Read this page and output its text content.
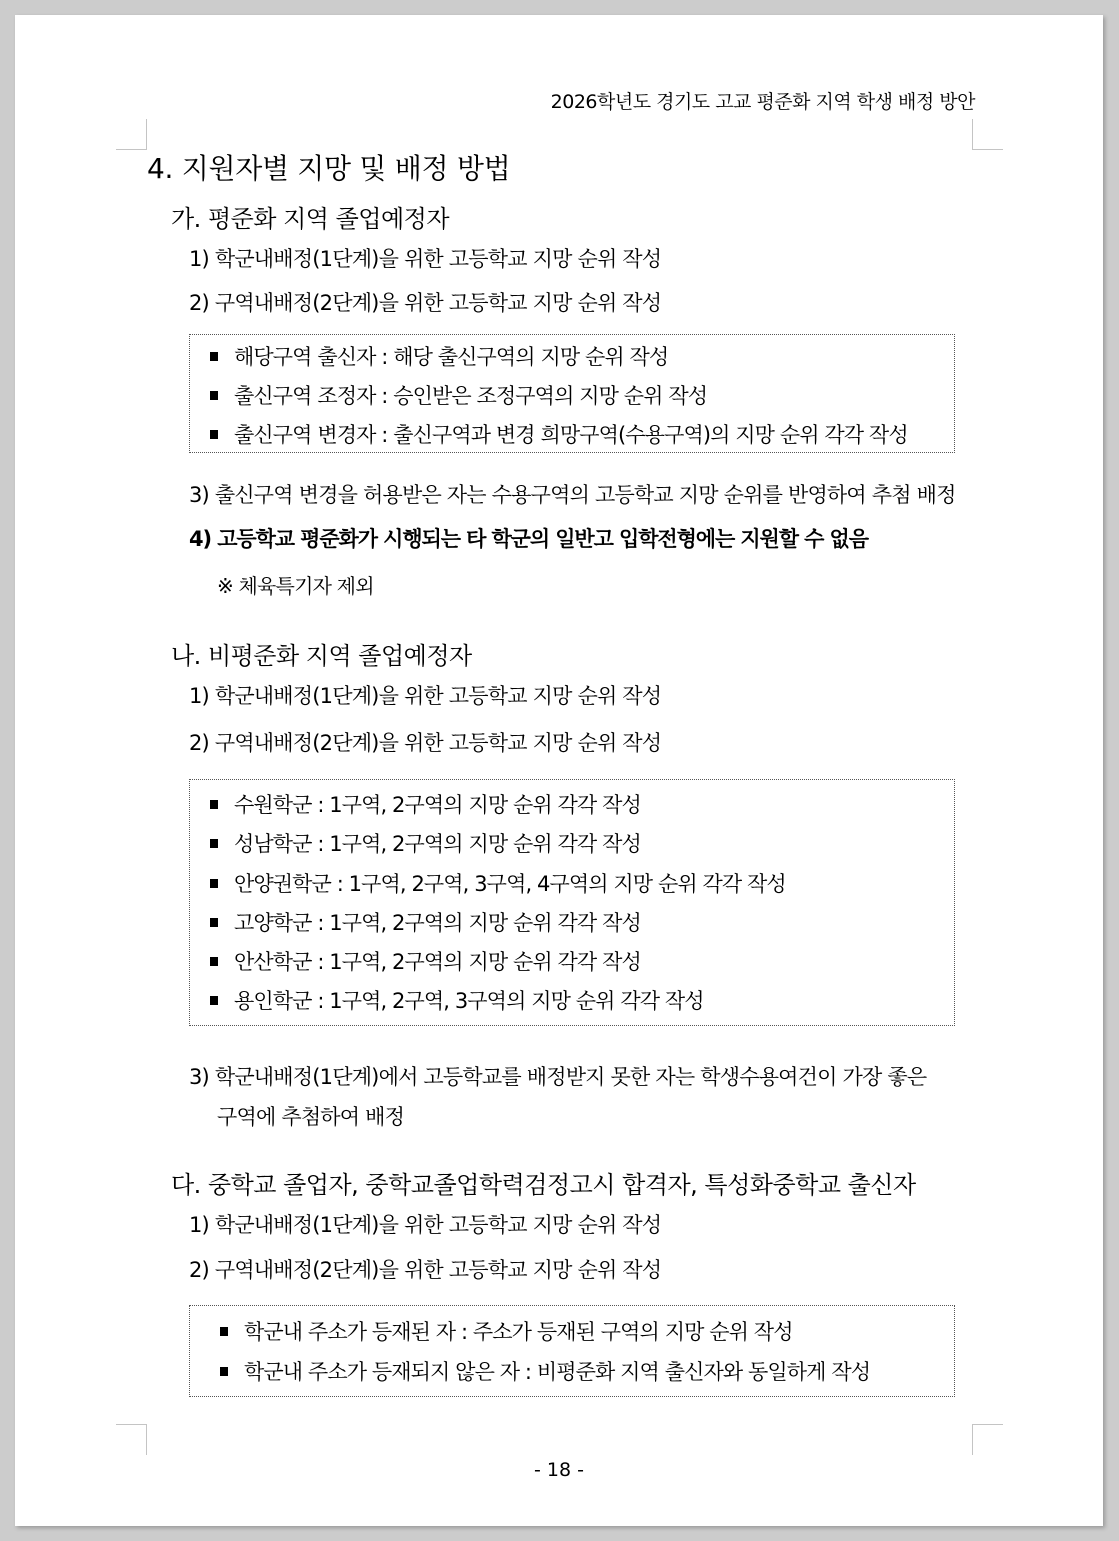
2026학년도 경기도 고교 평준화 지역 학생 배정 방안
4. 지원자별 지망 및 배정 방법
가. 평준화 지역 졸업예정자
1) 학군내배정(1단계)을 위한 고등학교 지망 순위 작성
2) 구역내배정(2단계)을 위한 고등학교 지망 순위 작성
해당구역 출신자 : 해당 출신구역의 지망 순위 작성
출신구역 조정자 : 승인받은 조정구역의 지망 순위 작성
출신구역 변경자 : 출신구역과 변경 희망구역(수용구역)의 지망 순위 각각 작성
3) 출신구역 변경을 허용받은 자는 수용구역의 고등학교 지망 순위를 반영하여 추첨 배정
4) 고등학교 평준화가 시행되는 타 학군의 일반고 입학전형에는 지원할 수 없음
※ 체육특기자 제외
나. 비평준화 지역 졸업예정자
1) 학군내배정(1단계)을 위한 고등학교 지망 순위 작성
2) 구역내배정(2단계)을 위한 고등학교 지망 순위 작성
수원학군 : 1구역, 2구역의 지망 순위 각각 작성
성남학군 : 1구역, 2구역의 지망 순위 각각 작성
안양권학군 : 1구역, 2구역, 3구역, 4구역의 지망 순위 각각 작성
고양학군 : 1구역, 2구역의 지망 순위 각각 작성
안산학군 : 1구역, 2구역의 지망 순위 각각 작성
용인학군 : 1구역, 2구역, 3구역의 지망 순위 각각 작성
3) 학군내배정(1단계)에서 고등학교를 배정받지 못한 자는 학생수용여건이 가장 좋은
구역에 추첨하여 배정
다. 중학교 졸업자, 중학교졸업학력검정고시 합격자, 특성화중학교 출신자
1) 학군내배정(1단계)을 위한 고등학교 지망 순위 작성
2) 구역내배정(2단계)을 위한 고등학교 지망 순위 작성
학군내 주소가 등재된 자 : 주소가 등재된 구역의 지망 순위 작성
학군내 주소가 등재되지 않은 자 : 비평준화 지역 출신자와 동일하게 작성
- 18 -
